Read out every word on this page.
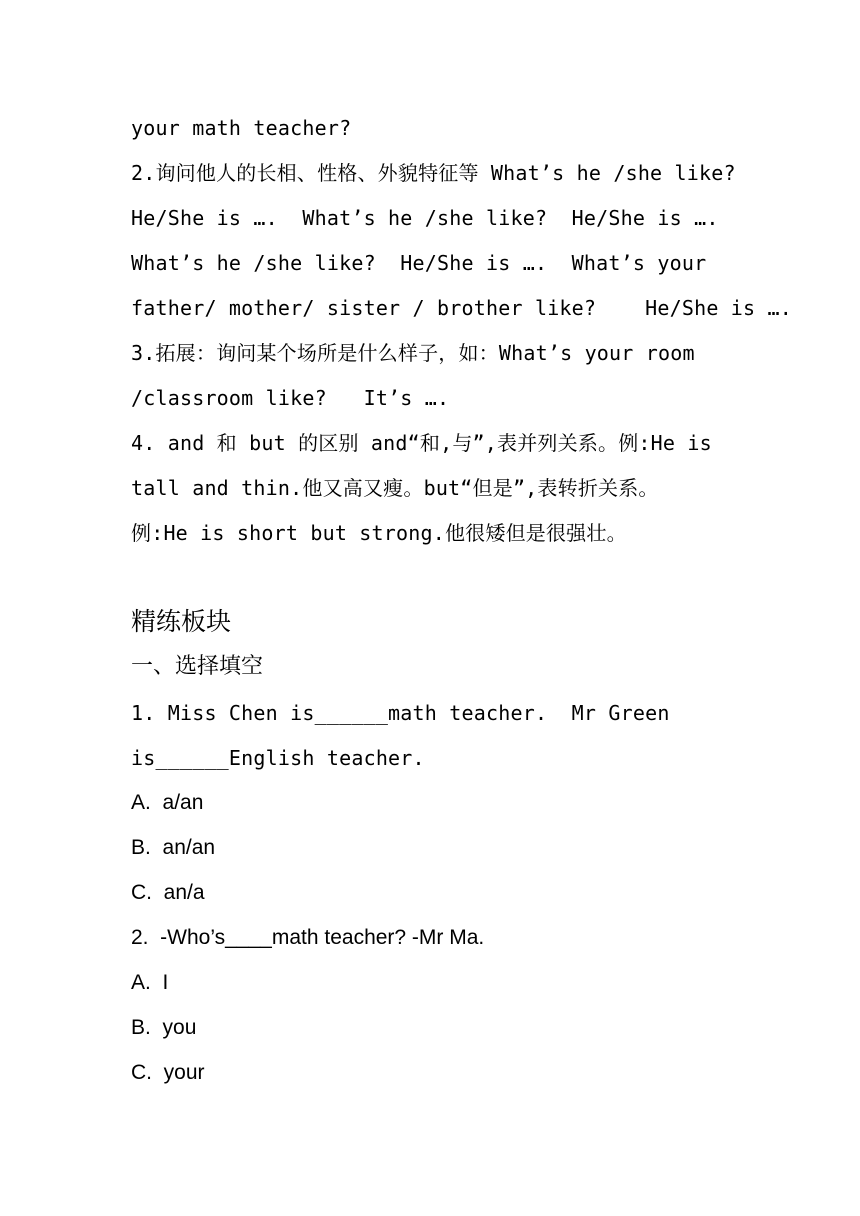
your math teacher?
2.询问他人的长相、性格、外貌特征等 What’s he /she like?
He/She is ….  What’s he /she like?  He/She is ….
What’s he /she like?  He/She is ….  What’s your
father/ mother/ sister / brother like?    He/She is ….
3.拓展：询问某个场所是什么样子，如：What’s your room
/classroom like?   It’s ….
4. and 和 but 的区别 and“和,与”,表并列关系。例:He is
tall and thin.他又高又瘦。but“但是”,表转折关系。
例:He is short but strong.他很矮但是很强壮。
精练板块
一、选择填空
1. Miss Chen is______math teacher.  Mr Green
is______English teacher.
A.  a/an
B.  an/an
C.  an/a
2.  -Who’s____math teacher? -Mr Ma.
A.  I
B.  you
C.  your
